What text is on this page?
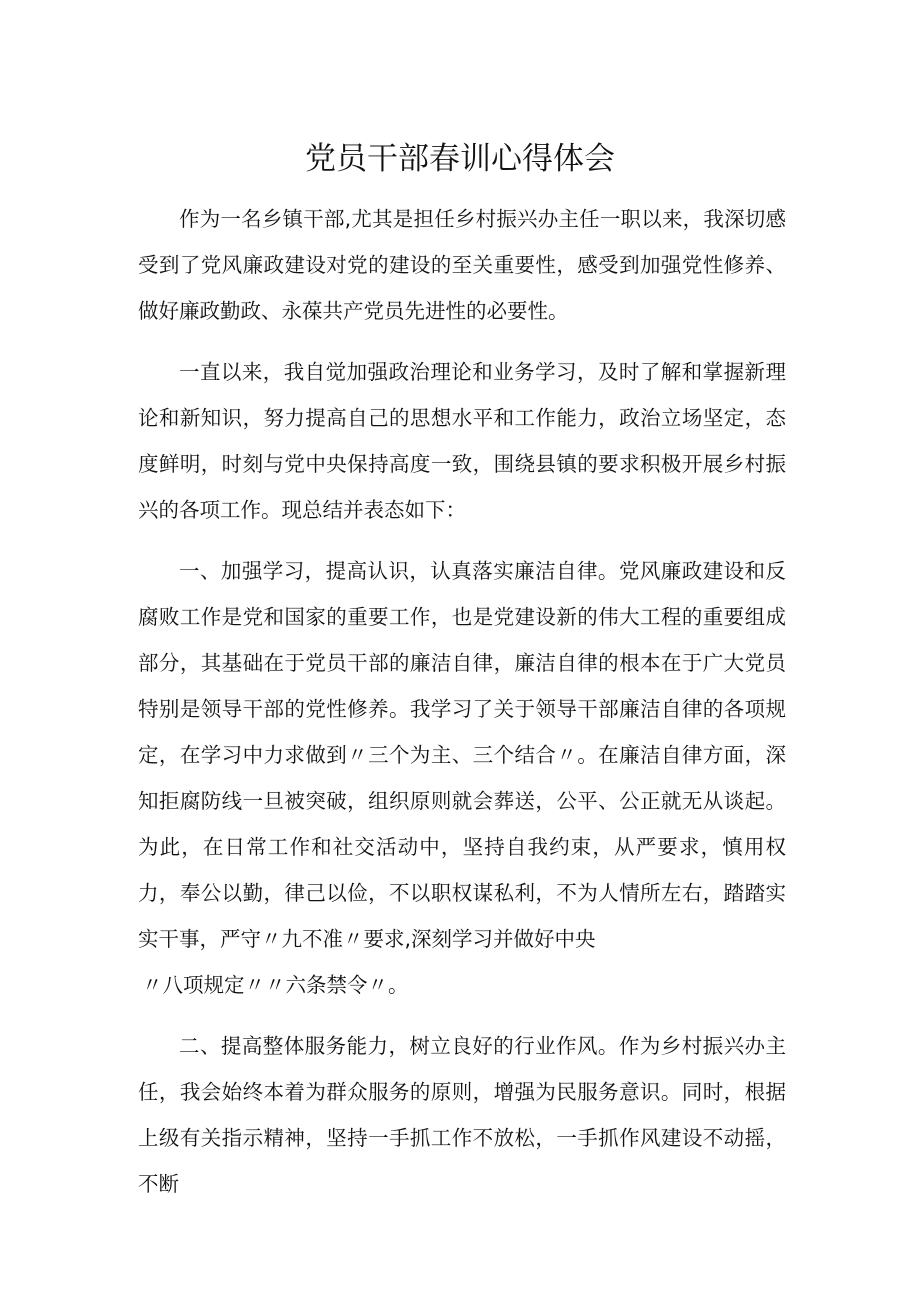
党员干部春训心得体会

作为一名乡镇干部,尤其是担任乡村振兴办主任一职以来，我深切感受到了党风廉政建设对党的建设的至关重要性，感受到加强党性修养、做好廉政勤政、永葆共产党员先进性的必要性。

一直以来，我自觉加强政治理论和业务学习，及时了解和掌握新理论和新知识，努力提高自己的思想水平和工作能力，政治立场坚定，态度鲜明，时刻与党中央保持高度一致，围绕县镇的要求积极开展乡村振兴的各项工作。现总结并表态如下：

一、加强学习，提高认识，认真落实廉洁自律。党风廉政建设和反腐败工作是党和国家的重要工作，也是党建设新的伟大工程的重要组成部分，其基础在于党员干部的廉洁自律，廉洁自律的根本在于广大党员特别是领导干部的党性修养。我学习了关于领导干部廉洁自律的各项规定，在学习中力求做到〃三个为主、三个结合〃。在廉洁自律方面，深知拒腐防线一旦被突破，组织原则就会葬送，公平、公正就无从谈起。为此，在日常工作和社交活动中，坚持自我约束，从严要求，慎用权力，奉公以勤，律己以俭，不以职权谋私利，不为人情所左右，踏踏实实干事，严守〃九不准〃要求,深刻学习并做好中央

〃八项规定〃〃六条禁令〃。

二、提高整体服务能力，树立良好的行业作风。作为乡村振兴办主任，我会始终本着为群众服务的原则，增强为民服务意识。同时，根据上级有关指示精神，坚持一手抓工作不放松，一手抓作风建设不动摇，不断
